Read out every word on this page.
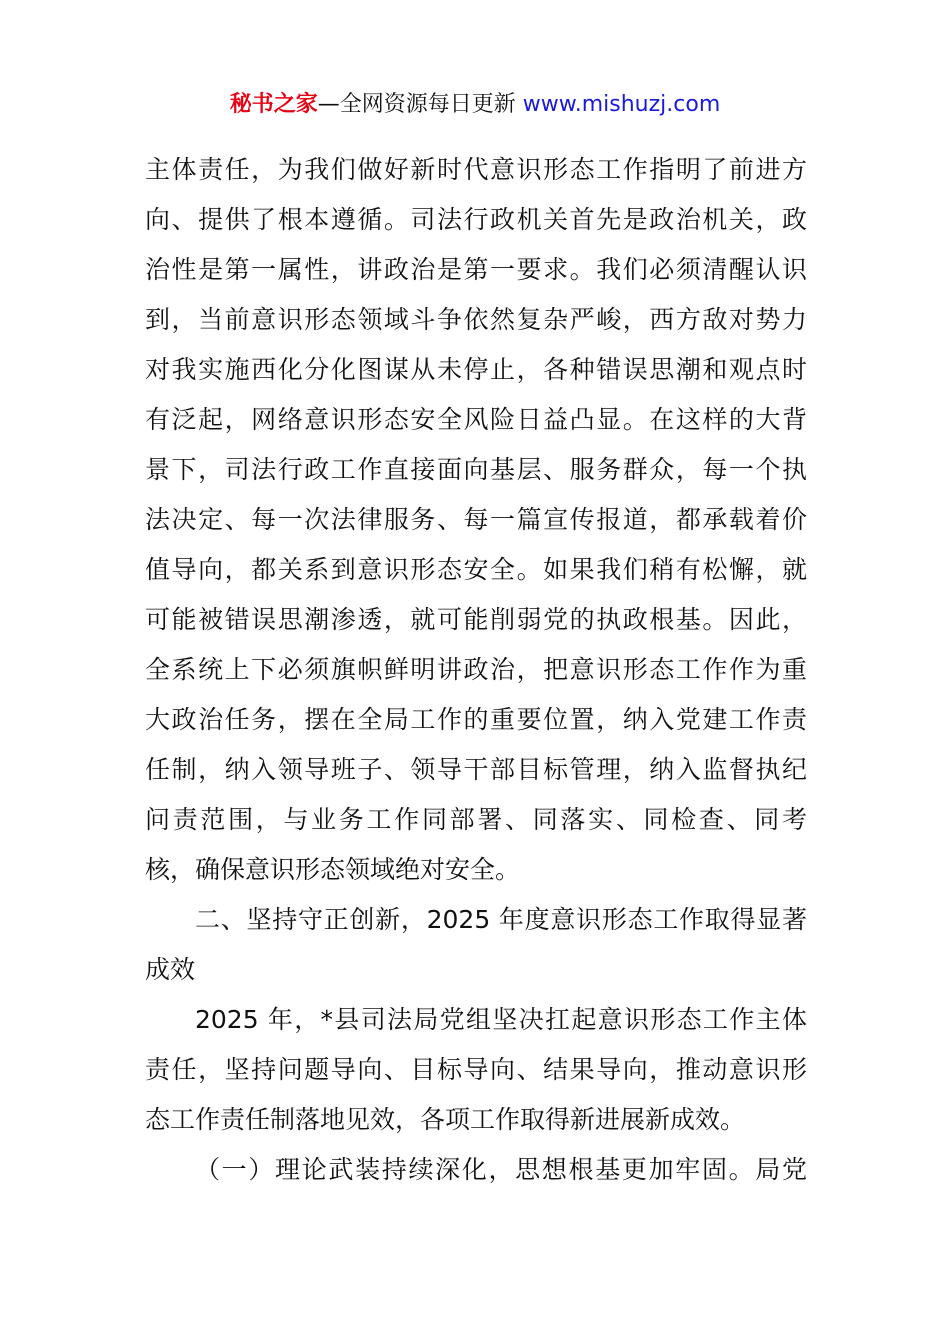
秘书之家—全网资源每日更新 www.mishuzj.com
主体责任，为我们做好新时代意识形态工作指明了前进方
向、提供了根本遵循。司法行政机关首先是政治机关，政
治性是第一属性，讲政治是第一要求。我们必须清醒认识
到，当前意识形态领域斗争依然复杂严峻，西方敌对势力
对我实施西化分化图谋从未停止，各种错误思潮和观点时
有泛起，网络意识形态安全风险日益凸显。在这样的大背
景下，司法行政工作直接面向基层、服务群众，每一个执
法决定、每一次法律服务、每一篇宣传报道，都承载着价
值导向，都关系到意识形态安全。如果我们稍有松懈，就
可能被错误思潮渗透，就可能削弱党的执政根基。因此，
全系统上下必须旗帜鲜明讲政治，把意识形态工作作为重
大政治任务，摆在全局工作的重要位置，纳入党建工作责
任制，纳入领导班子、领导干部目标管理，纳入监督执纪
问责范围，与业务工作同部署、同落实、同检查、同考
核，确保意识形态领域绝对安全。
二、坚持守正创新，2025 年度意识形态工作取得显著
成效
2025 年，*县司法局党组坚决扛起意识形态工作主体
责任，坚持问题导向、目标导向、结果导向，推动意识形
态工作责任制落地见效，各项工作取得新进展新成效。
（一）理论武装持续深化，思想根基更加牢固。局党
